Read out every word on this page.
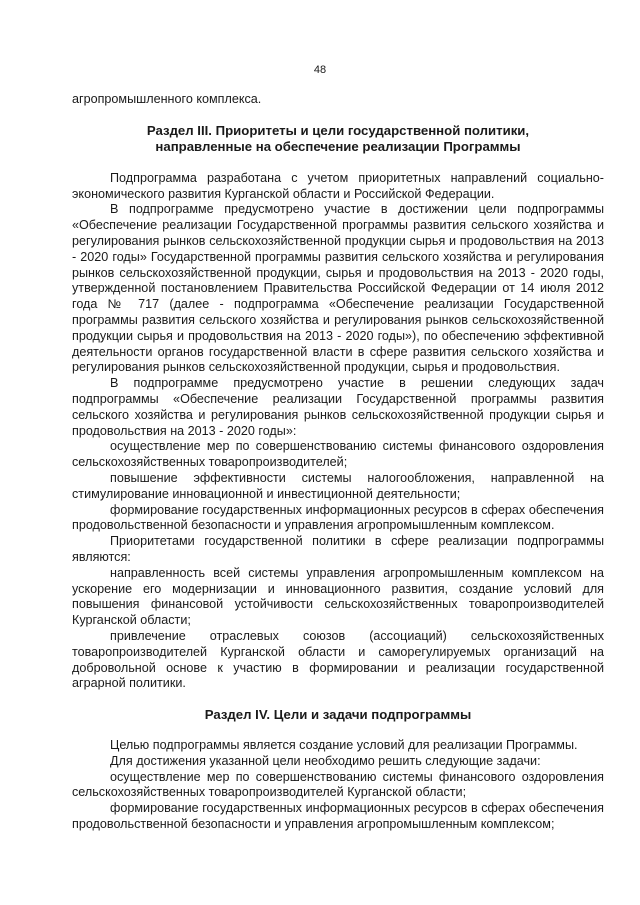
48

агропромышленного комплекса.

Раздел III. Приоритеты и цели государственной политики,
направленные на обеспечение реализации Программы

Подпрограмма разработана с учетом приоритетных направлений социально-экономического развития Курганской области и Российской Федерации.

В подпрограмме предусмотрено участие в достижении цели подпрограммы «Обеспечение реализации Государственной программы развития сельского хозяйства и регулирования рынков сельскохозяйственной продукции сырья и продовольствия на 2013 - 2020 годы» Государственной программы развития сельского хозяйства и регулирования рынков сельскохозяйственной продукции, сырья и продовольствия на 2013 - 2020 годы, утвержденной постановлением Правительства Российской Федерации от 14 июля 2012 года № 717 (далее - подпрограмма «Обеспечение реализации Государственной программы развития сельского хозяйства и регулирования рынков сельскохозяйственной продукции сырья и продовольствия на 2013 - 2020 годы»), по обеспечению эффективной деятельности органов государственной власти в сфере развития сельского хозяйства и регулирования рынков сельскохозяйственной продукции, сырья и продовольствия.

В подпрограмме предусмотрено участие в решении следующих задач подпрограммы «Обеспечение реализации Государственной программы развития сельского хозяйства и регулирования рынков сельскохозяйственной продукции сырья и продовольствия на 2013 - 2020 годы»:

осуществление мер по совершенствованию системы финансового оздоровления сельскохозяйственных товаропроизводителей;

повышение эффективности системы налогообложения, направленной на стимулирование инновационной и инвестиционной деятельности;

формирование государственных информационных ресурсов в сферах обеспечения продовольственной безопасности и управления агропромышленным комплексом.

Приоритетами государственной политики в сфере реализации подпрограммы являются:

направленность всей системы управления агропромышленным комплексом на ускорение его модернизации и инновационного развития, создание условий для повышения финансовой устойчивости сельскохозяйственных товаропроизводителей Курганской области;

привлечение отраслевых союзов (ассоциаций) сельскохозяйственных товаропроизводителей Курганской области и саморегулируемых организаций на добровольной основе к участию в формировании и реализации государственной аграрной политики.

Раздел IV. Цели и задачи подпрограммы

Целью подпрограммы является создание условий для реализации Программы.

Для достижения указанной цели необходимо решить следующие задачи:

осуществление мер по совершенствованию системы финансового оздоровления сельскохозяйственных товаропроизводителей Курганской области;

формирование государственных информационных ресурсов в сферах обеспечения продовольственной безопасности и управления агропромышленным комплексом;
